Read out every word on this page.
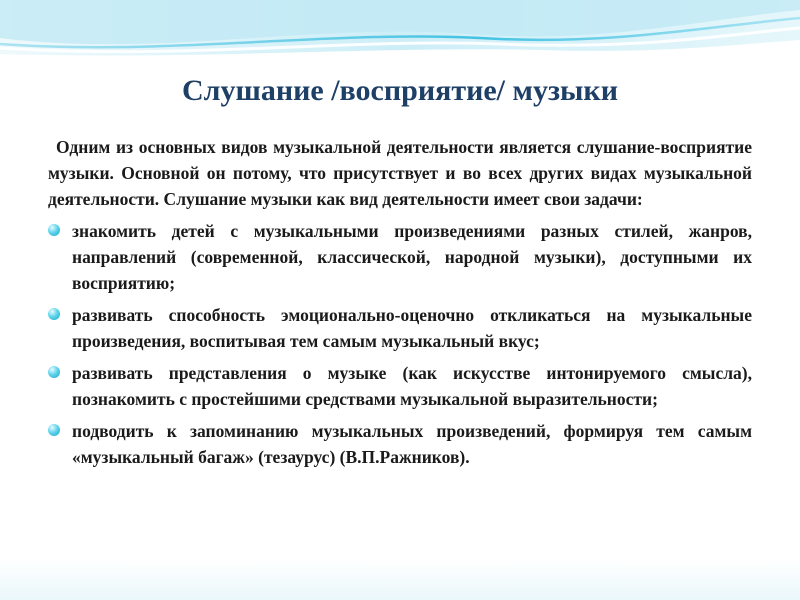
Слушание /восприятие/ музыки

Одним из основных видов музыкальной деятельности является слушание-восприятие музыки. Основной он потому, что присутствует и во всех других видах музыкальной деятельности. Слушание музыки как вид деятельности имеет свои задачи:

знакомить детей с музыкальными произведениями разных стилей, жанров, направлений (современной, классической, народной музыки), доступными их восприятию;
развивать способность эмоционально-оценочно откликаться на музыкальные произведения, воспитывая тем самым музыкальный вкус;
развивать представления о музыке (как искусстве интонируемого смысла), познакомить с простейшими средствами музыкальной выразительности;
подводить к запоминанию музыкальных произведений, формируя тем самым «музыкальный багаж» (тезаурус) (В.П.Ражников).
